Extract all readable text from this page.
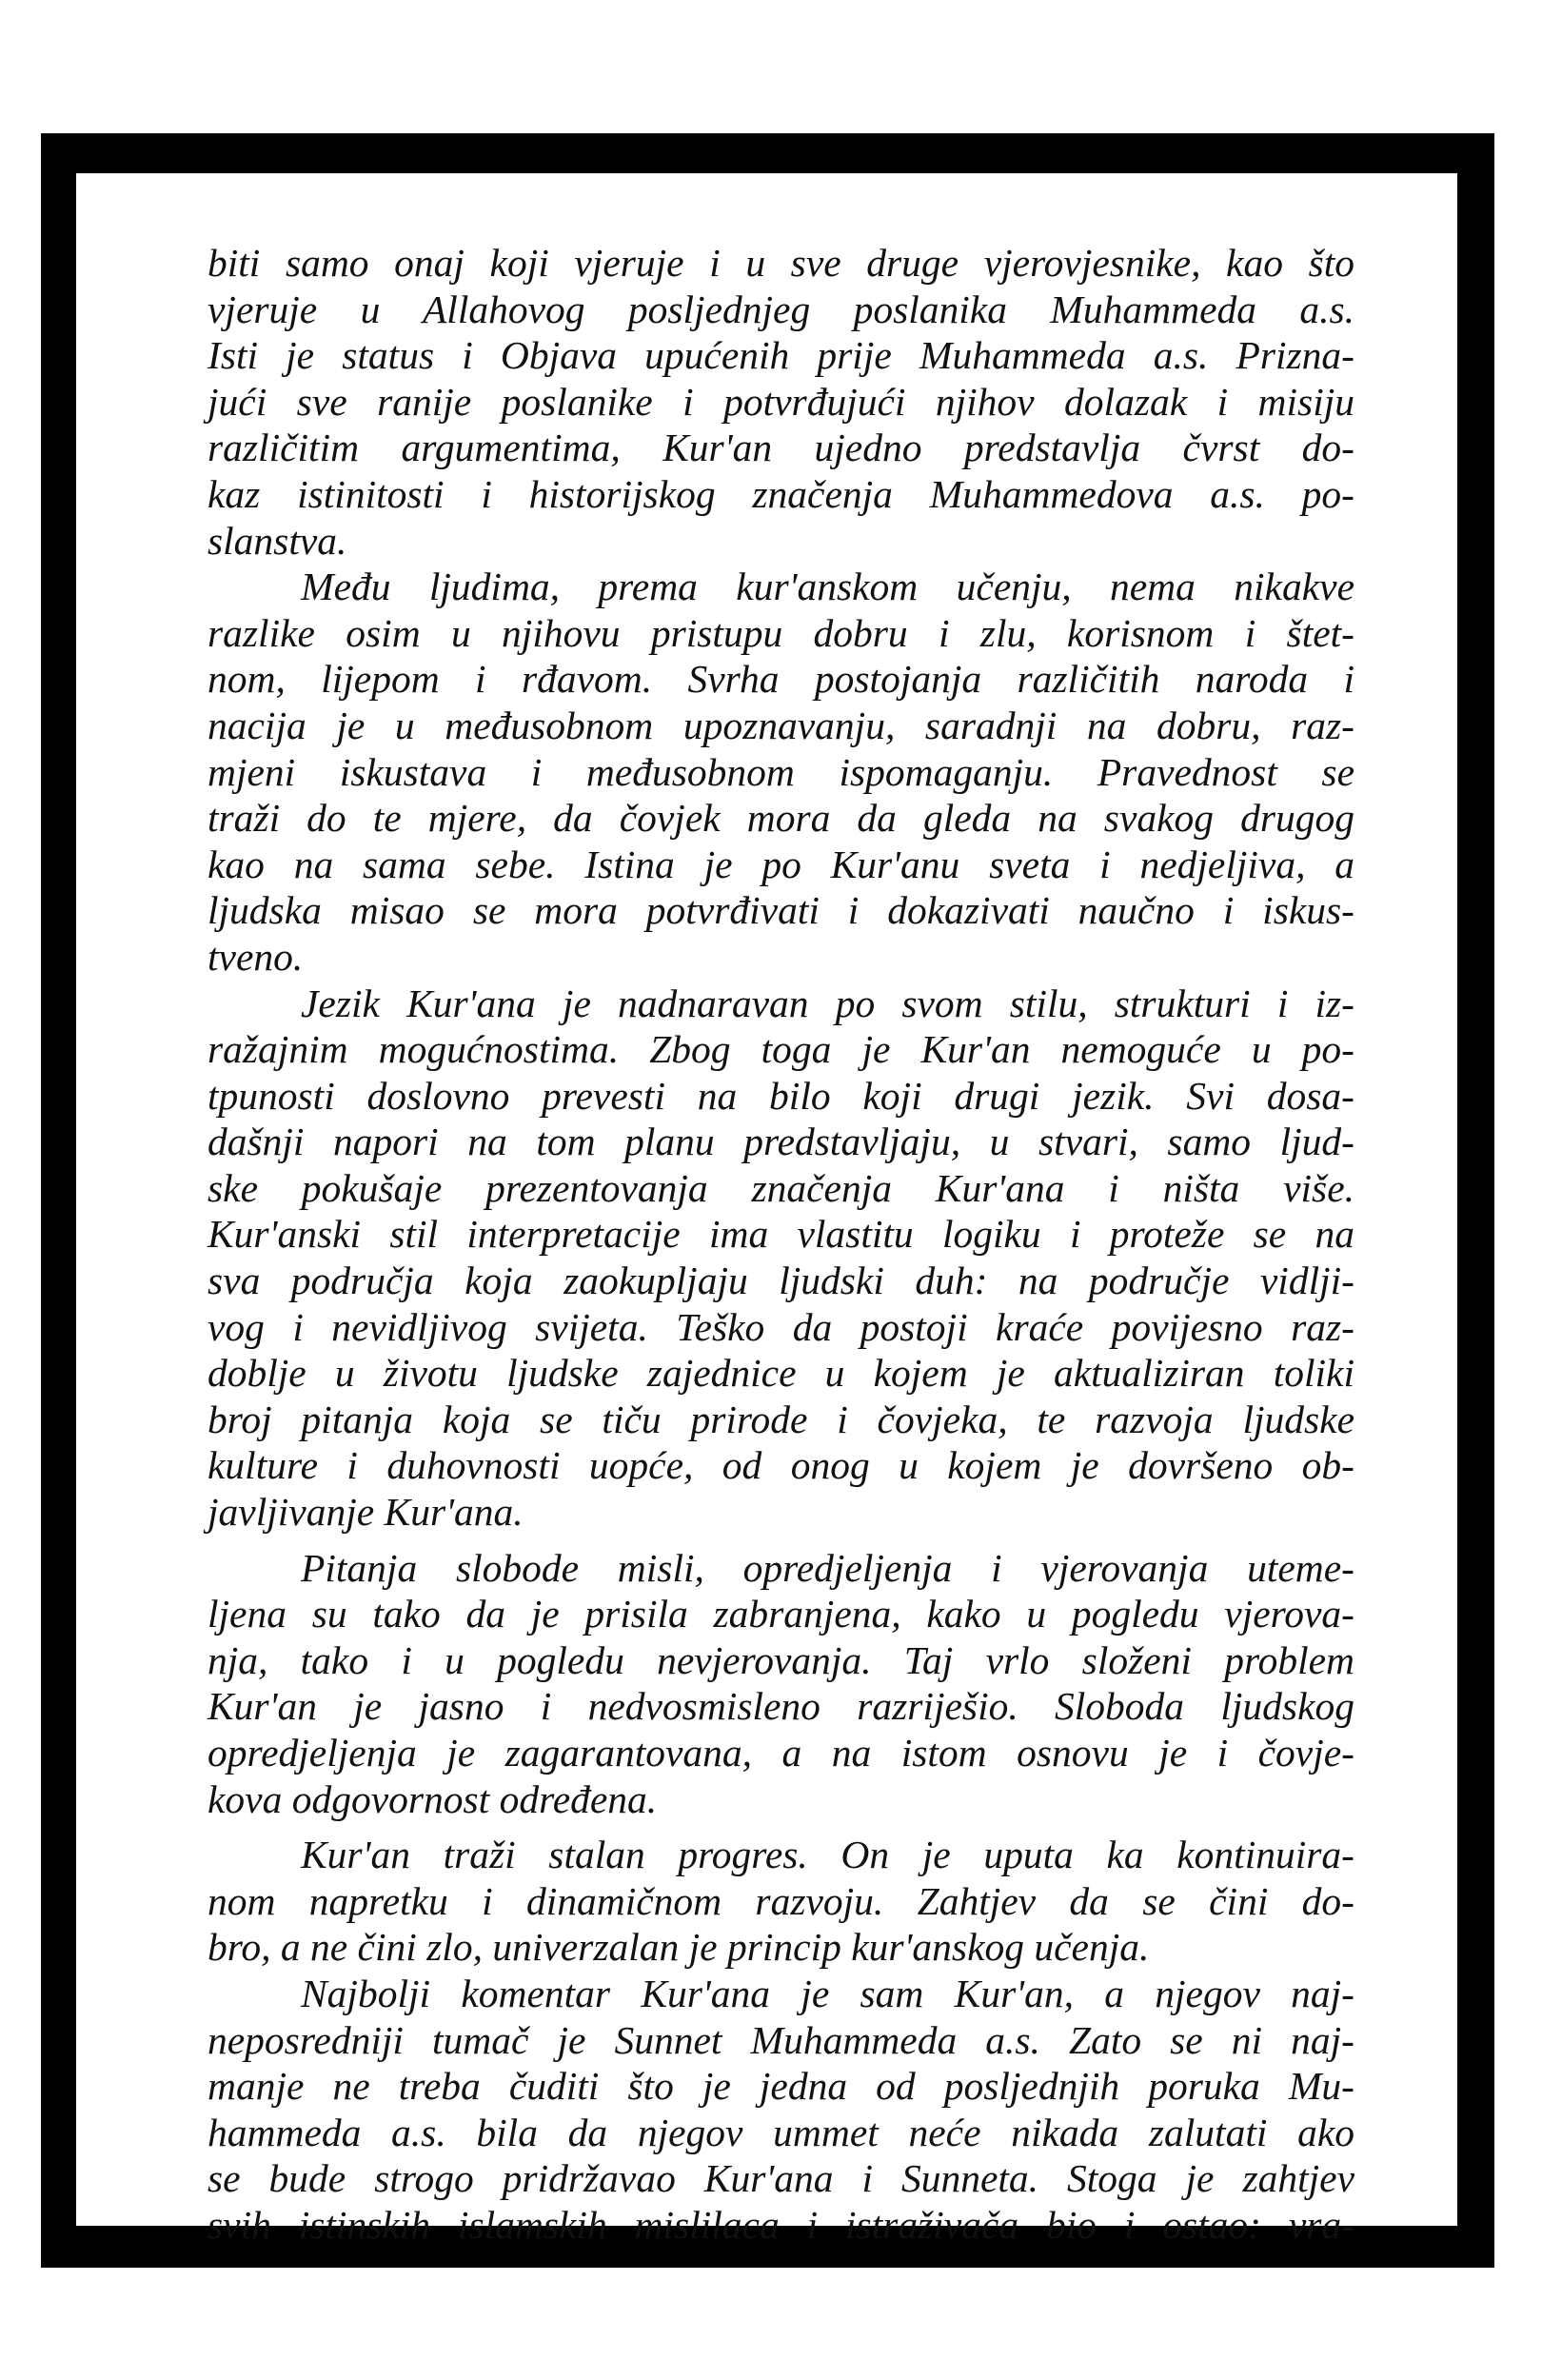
biti samo onaj koji vjeruje i u sve druge vjerovjesnike, kao što
vjeruje u Allahovog posljednjeg poslanika Muhammeda a.s.
Isti je status i Objava upućenih prije Muhammeda a.s. Prizna-
jući sve ranije poslanike i potvrđujući njihov dolazak i misiju
različitim argumentima, Kur'an ujedno predstavlja čvrst do-
kaz istinitosti i historijskog značenja Muhammedova a.s. po-
slanstva.

Među ljudima, prema kur'anskom učenju, nema nikakve
razlike osim u njihovu pristupu dobru i zlu, korisnom i štet-
nom, lijepom i rđavom. Svrha postojanja različitih naroda i
nacija je u međusobnom upoznavanju, saradnji na dobru, raz-
mjeni iskustava i međusobnom ispomaganju. Pravednost se
traži do te mjere, da čovjek mora da gleda na svakog drugog
kao na sama sebe. Istina je po Kur'anu sveta i nedjeljiva, a
ljudska misao se mora potvrđivati i dokazivati naučno i iskus-
tveno.

Jezik Kur'ana je nadnaravan po svom stilu, strukturi i iz-
ražajnim mogućnostima. Zbog toga je Kur'an nemoguće u po-
tpunosti doslovno prevesti na bilo koji drugi jezik. Svi dosa-
dašnji napori na tom planu predstavljaju, u stvari, samo ljud-
ske pokušaje prezentovanja značenja Kur'ana i ništa više.
Kur'anski stil interpretacije ima vlastitu logiku i proteže se na
sva područja koja zaokupljaju ljudski duh: na područje vidlji-
vog i nevidljivog svijeta. Teško da postoji kraće povijesno raz-
doblje u životu ljudske zajednice u kojem je aktualiziran toliki
broj pitanja koja se tiču prirode i čovjeka, te razvoja ljudske
kulture i duhovnosti uopće, od onog u kojem je dovršeno ob-
javljivanje Kur'ana.

Pitanja slobode misli, opredjeljenja i vjerovanja uteme-
ljena su tako da je prisila zabranjena, kako u pogledu vjerova-
nja, tako i u pogledu nevjerovanja. Taj vrlo složeni problem
Kur'an je jasno i nedvosmisleno razriješio. Sloboda ljudskog
opredjeljenja je zagarantovana, a na istom osnovu je i čovje-
kova odgovornost određena.

Kur'an traži stalan progres. On je uputa ka kontinuira-
nom napretku i dinamičnom razvoju. Zahtjev da se čini do-
bro, a ne čini zlo, univerzalan je princip kur'anskog učenja.

Najbolji komentar Kur'ana je sam Kur'an, a njegov naj-
neposredniji tumač je Sunnet Muhammeda a.s. Zato se ni naj-
manje ne treba čuditi što je jedna od posljednjih poruka Mu-
hammeda a.s. bila da njegov ummet neće nikada zalutati ako
se bude strogo pridržavao Kur'ana i Sunneta. Stoga je zahtjev
svih istinskih islamskih mislilaca i istraživača bio i ostao: vra-
